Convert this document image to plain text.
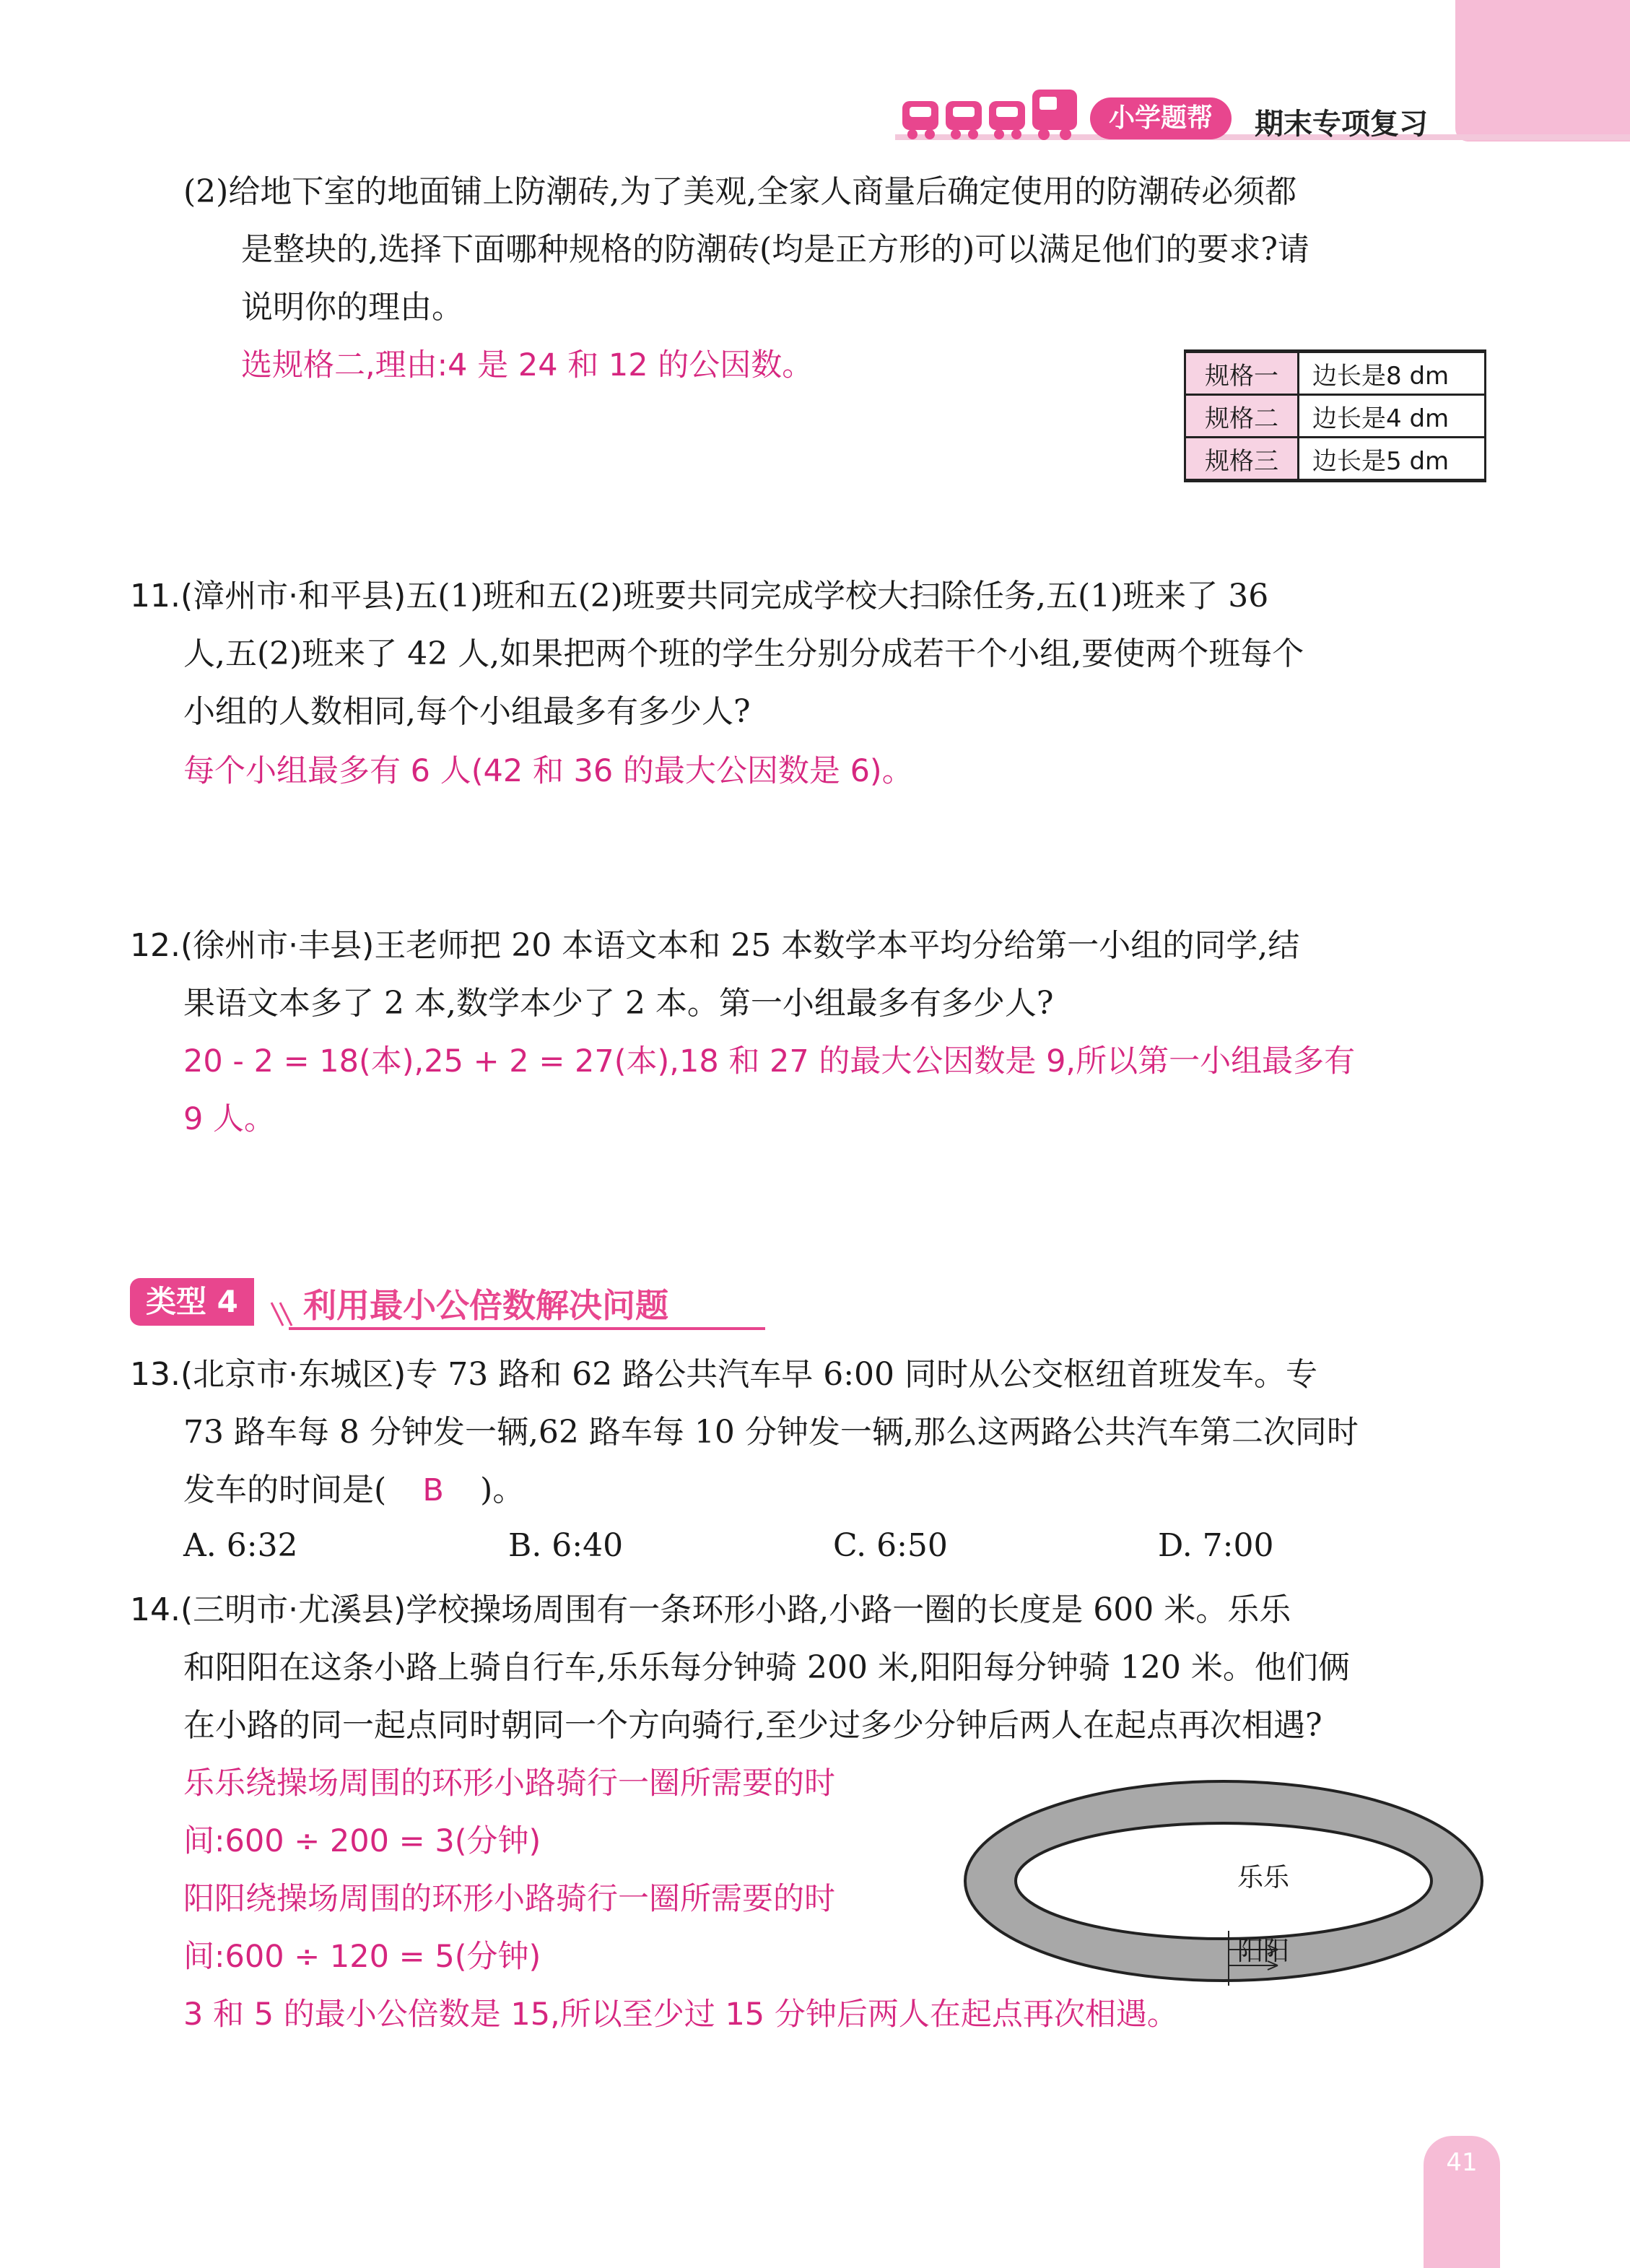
小学题帮	期末专项复习
(2)给地下室的地面铺上防潮砖,为了美观,全家人商量后确定使用的防潮砖必须都
是整块的,选择下面哪种规格的防潮砖(均是正方形的)可以满足他们的要求?请
说明你的理由。
选规格二,理由:4 是 24 和 12 的公因数。	规格一	边长是8 dm
规格二	边长是4 dm
规格三	边长是5 dm
11.(漳州市·和平县)五(1)班和五(2)班要共同完成学校大扫除任务,五(1)班来了 36
人,五(2)班来了 42 人,如果把两个班的学生分别分成若干个小组,要使两个班每个
小组的人数相同,每个小组最多有多少人?
每个小组最多有 6 人(42 和 36 的最大公因数是 6)。
12.(徐州市·丰县)王老师把 20 本语文本和 25 本数学本平均分给第一小组的同学,结
果语文本多了 2 本,数学本少了 2 本。第一小组最多有多少人?
20 - 2 = 18(本),25 + 2 = 27(本),18 和 27 的最大公因数是 9,所以第一小组最多有
9 人。
类型 4	利用最小公倍数解决问题
13.(北京市·东城区)专 73 路和 62 路公共汽车早 6:00 同时从公交枢纽首班发车。专
73 路车每 8 分钟发一辆,62 路车每 10 分钟发一辆,那么这两路公共汽车第二次同时
发车的时间是( B )。
A. 6:32	B. 6:40	C. 6:50	D. 7:00
14.(三明市·尤溪县)学校操场周围有一条环形小路,小路一圈的长度是 600 米。乐乐
和阳阳在这条小路上骑自行车,乐乐每分钟骑 200 米,阳阳每分钟骑 120 米。他们俩
在小路的同一起点同时朝同一个方向骑行,至少过多少分钟后两人在起点再次相遇?
乐乐绕操场周围的环形小路骑行一圈所需要的时
间:600 ÷ 200 = 3(分钟)
阳阳绕操场周围的环形小路骑行一圈所需要的时
间:600 ÷ 120 = 5(分钟)
3 和 5 的最小公倍数是 15,所以至少过 15 分钟后两人在起点再次相遇。
乐乐
阳阳
41
